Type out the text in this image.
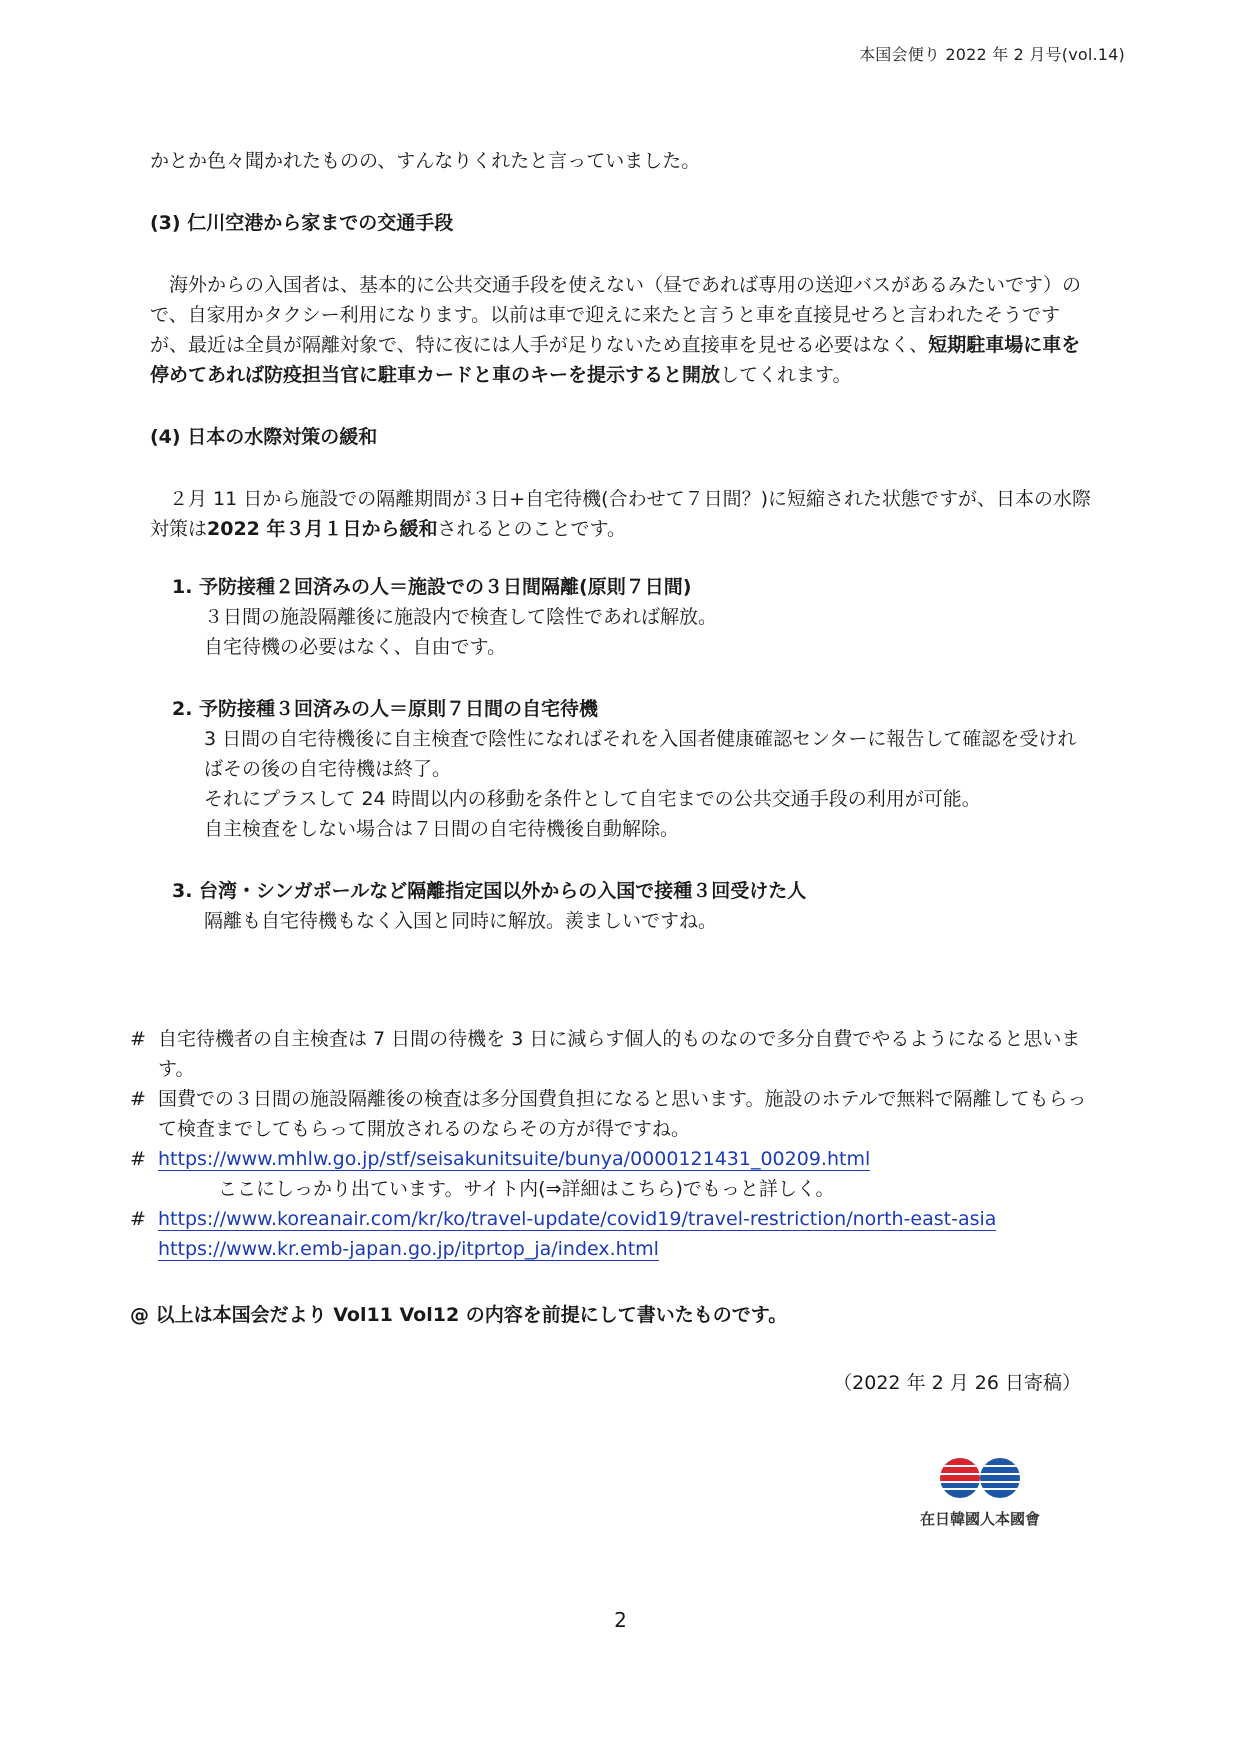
本国会便り 2022 年 2 月号(vol.14)

かとか色々聞かれたものの、すんなりくれたと言っていました。

(3) 仁川空港から家までの交通手段

海外からの入国者は、基本的に公共交通手段を使えない（昼であれば専用の送迎バスがあるみたいです）ので、自家用かタクシー利用になります。以前は車で迎えに来たと言うと車を直接見せろと言われたそうですが、最近は全員が隔離対象で、特に夜には人手が足りないため直接車を見せる必要はなく、短期駐車場に車を停めてあれば防疫担当官に駐車カードと車のキーを提示すると開放してくれます。

(4) 日本の水際対策の緩和

２月 11 日から施設での隔離期間が３日+自宅待機(合わせて７日間？)に短縮された状態ですが、日本の水際対策は2022 年３月１日から緩和されるとのことです。

1. 予防接種２回済みの人＝施設での３日間隔離(原則７日間)

３日間の施設隔離後に施設内で検査して陰性であれば解放。

自宅待機の必要はなく、自由です。

2. 予防接種３回済みの人＝原則７日間の自宅待機

3 日間の自宅待機後に自主検査で陰性になればそれを入国者健康確認センターに報告して確認を受ければその後の自宅待機は終了。

それにプラスして 24 時間以内の移動を条件として自宅までの公共交通手段の利用が可能。

自主検査をしない場合は７日間の自宅待機後自動解除。

3. 台湾・シンガポールなど隔離指定国以外からの入国で接種３回受けた人

隔離も自宅待機もなく入国と同時に解放。羨ましいですね。

# 自宅待機者の自主検査は 7 日間の待機を 3 日に減らす個人的ものなので多分自費でやるようになると思います。
# 国費での３日間の施設隔離後の検査は多分国費負担になると思います。施設のホテルで無料で隔離してもらって検査までしてもらって開放されるのならその方が得ですね。
# https://www.mhlw.go.jp/stf/seisakunitsuite/bunya/0000121431_00209.html
ここにしっかり出ています。サイト内(⇒詳細はこちら)でもっと詳しく。
# https://www.koreanair.com/kr/ko/travel-update/covid19/travel-restriction/north-east-asia
https://www.kr.emb-japan.go.jp/itprtop_ja/index.html
@ 以上は本国会だより Vol11 Vol12 の内容を前提にして書いたものです。
（2022 年 2 月 26 日寄稿）
在日韓國人本國會
2
